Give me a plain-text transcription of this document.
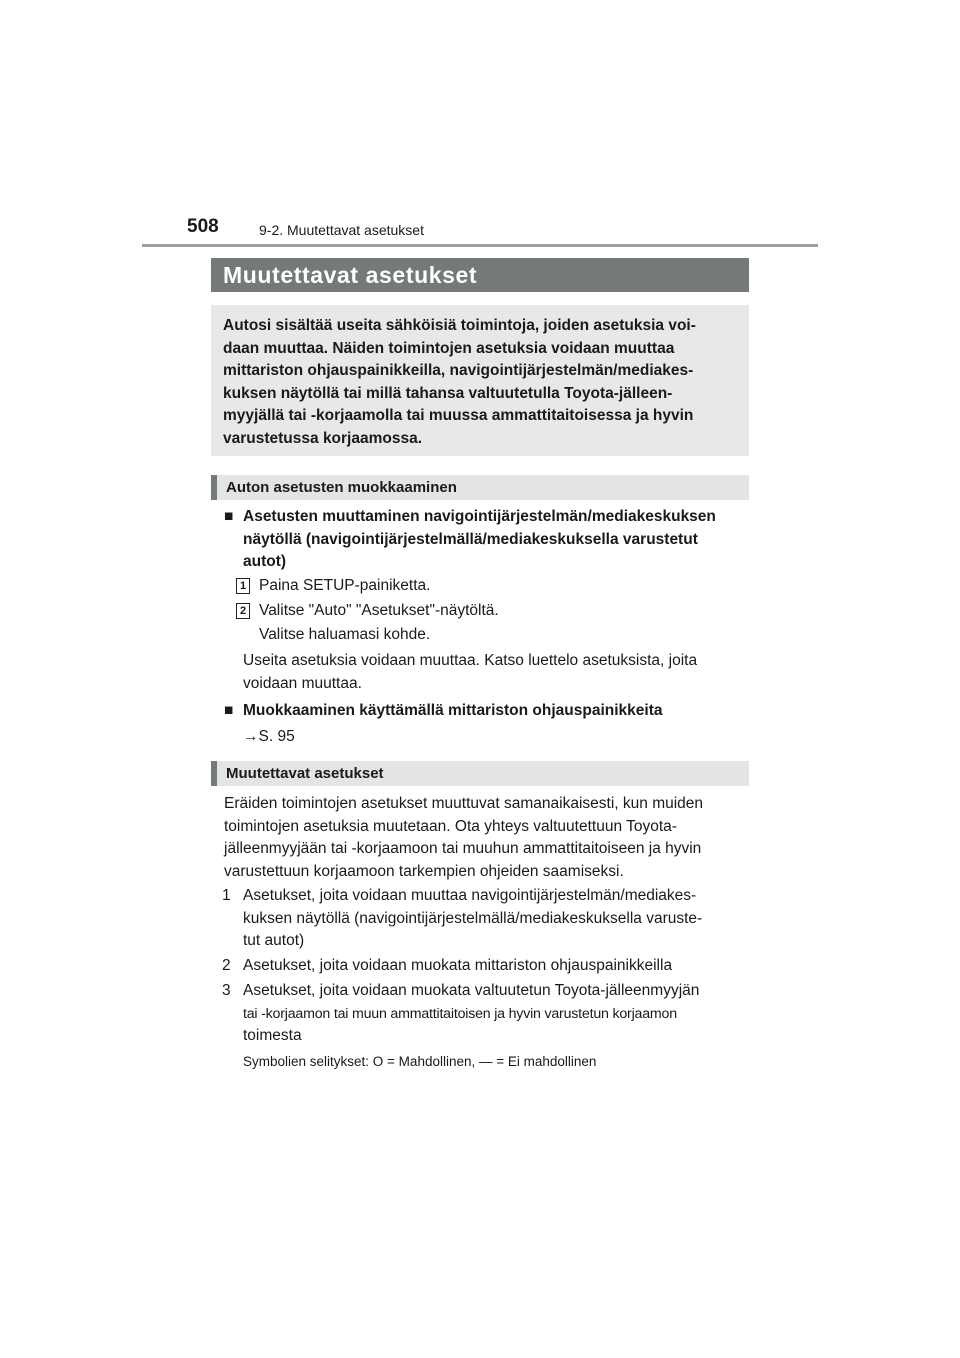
508	9-2. Muutettavat asetukset
Muutettavat asetukset
Autosi sisältää useita sähköisiä toimintoja, joiden asetuksia voi-
daan muuttaa. Näiden toimintojen asetuksia voidaan muuttaa
mittariston ohjauspainikkeilla, navigointijärjestelmän/mediakes-
kuksen näytöllä tai millä tahansa valtuutetulla Toyota-jälleen-
myyjällä tai -korjaamolla tai muussa ammattitaitoisessa ja hyvin
varustetussa korjaamossa.
Auton asetusten muokkaaminen
■ Asetusten muuttaminen navigointijärjestelmän/mediakeskuksen
näytöllä (navigointijärjestelmällä/mediakeskuksella varustetut
autot)
1 Paina SETUP-painiketta.
2 Valitse "Auto" "Asetukset"-näytöltä.
Valitse haluamasi kohde.
Useita asetuksia voidaan muuttaa. Katso luettelo asetuksista, joita
voidaan muuttaa.
■ Muokkaaminen käyttämällä mittariston ohjauspainikkeita
→S. 95
Muutettavat asetukset
Eräiden toimintojen asetukset muuttuvat samanaikaisesti, kun muiden
toimintojen asetuksia muutetaan. Ota yhteys valtuutettuun Toyota-
jälleenmyyjään tai -korjaamoon tai muuhun ammattitaitoiseen ja hyvin
varustettuun korjaamoon tarkempien ohjeiden saamiseksi.
1 Asetukset, joita voidaan muuttaa navigointijärjestelmän/mediakes-
kuksen näytöllä (navigointijärjestelmällä/mediakeskuksella varuste-
tut autot)
2 Asetukset, joita voidaan muokata mittariston ohjauspainikkeilla
3 Asetukset, joita voidaan muokata valtuutetun Toyota-jälleenmyyjän
tai -korjaamon tai muun ammattitaitoisen ja hyvin varustetun korjaamon
toimesta
Symbolien selitykset: O = Mahdollinen, — = Ei mahdollinen
